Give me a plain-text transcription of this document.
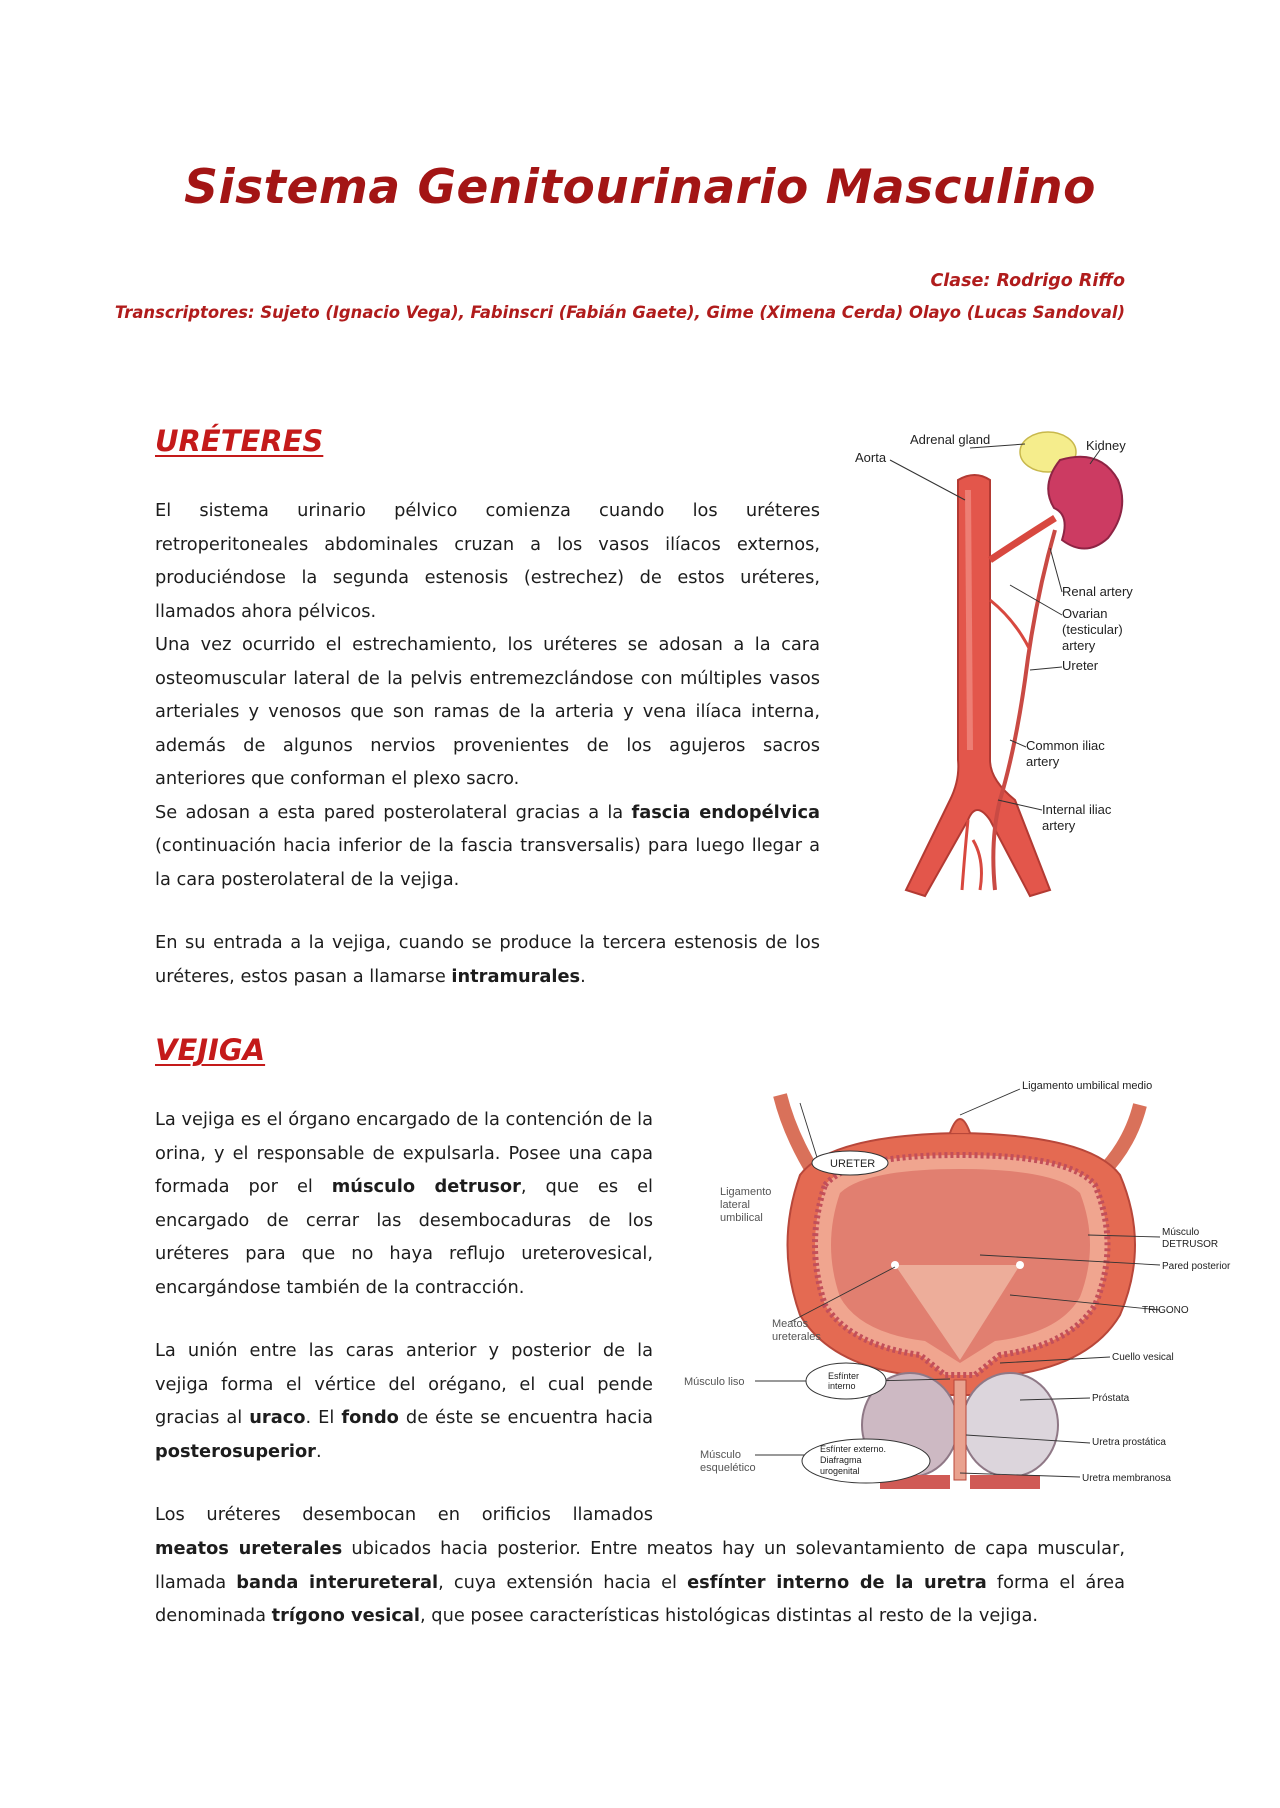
Sistema Genitourinario Masculino
Clase: Rodrigo Riffo
Transcriptores: Sujeto (Ignacio Vega), Fabinscri (Fabián Gaete), Gime (Ximena Cerda) Olayo (Lucas Sandoval)
URÉTERES

El sistema urinario pélvico comienza cuando los uréteres retroperitoneales abdominales cruzan a los vasos ilíacos externos, produciéndose la segunda estenosis (estrechez) de estos uréteres, llamados ahora pélvicos.

Una vez ocurrido el estrechamiento, los uréteres se adosan a la cara osteomuscular lateral de la pelvis entremezclándose con múltiples vasos arteriales y venosos que son ramas de la arteria y vena ilíaca interna, además de algunos nervios provenientes de los agujeros sacros anteriores que conforman el plexo sacro.

Se adosan a esta pared posterolateral gracias a la fascia endopélvica (continuación hacia inferior de la fascia transversalis) para luego llegar a la cara posterolateral de la vejiga.

En su entrada a la vejiga, cuando se produce la tercera estenosis de los uréteres, estos pasan a llamarse intramurales.

Adrenal gland
Aorta
Kidney
Renal artery
Ovarian
(testicular)
artery
Ureter
Common iliac
artery
Internal iliac
artery
VEJIGA

La vejiga es el órgano encargado de la contención de la orina, y el responsable de expulsarla. Posee una capa formada por el músculo detrusor, que es el encargado de cerrar las desembocaduras de los uréteres para que no haya reflujo ureterovesical, encargándose también de la contracción.

La unión entre las caras anterior y posterior de la vejiga forma el vértice del orégano, el cual pende gracias al uraco. El fondo de éste se encuentra hacia posterosuperior.

Los uréteres desembocan en orificios llamados

meatos ureterales ubicados hacia posterior. Entre meatos hay un solevantamiento de capa muscular, llamada banda interureteral, cuya extensión hacia el esfínter interno de la uretra forma el área denominada trígono vesical, que posee características histológicas distintas al resto de la vejiga.

Ligamento umbilical medio
URETER
Ligamento
lateral
umbilical
Músculo
DETRUSOR
Pared posterior
TRIGONO
Meatos
ureterales
Cuello vesical
Músculo liso	Esfínter
interno
Próstata
Uretra prostática
Músculo
esquelético
Esfínter externo.
Diafragma
urogenital
Uretra membranosa
